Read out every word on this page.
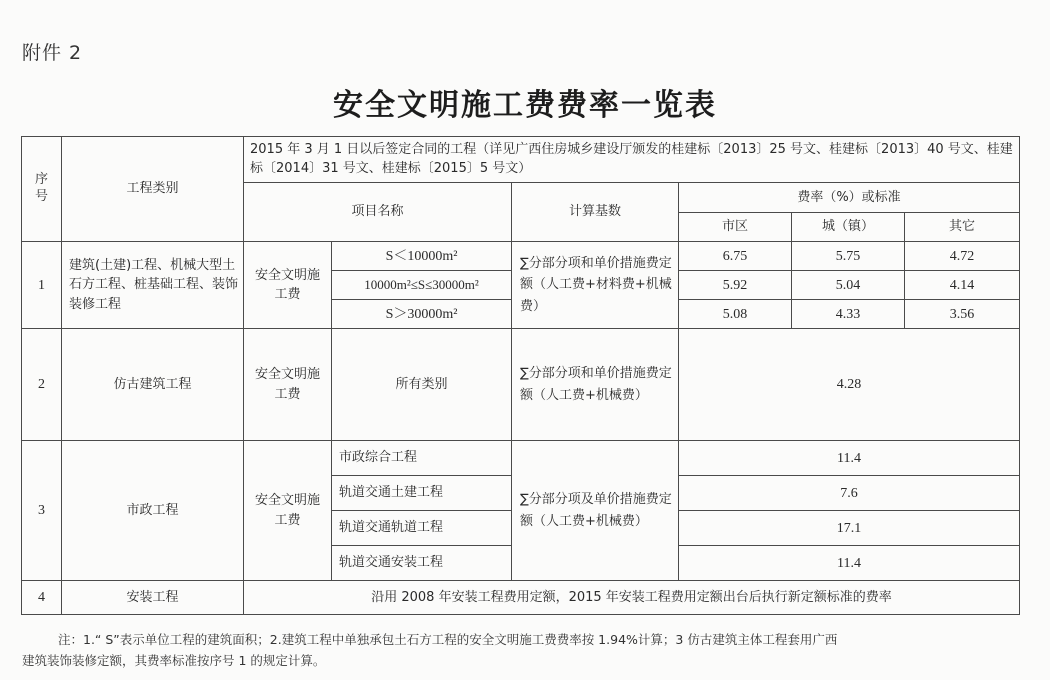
附件 2
安全文明施工费费率一览表
序号	工程类别	2015 年 3 月 1 日以后签定合同的工程（详见广西住房城乡建设厅颁发的桂建标〔2013〕25 号文、桂建标〔2013〕40 号文、桂建标〔2014〕31 号文、桂建标〔2015〕5 号文）					
		项目名称		计算基数	费率（%）或标准		
					市区	城（镇）	其它
1	建筑(土建)工程、机械大型土石方工程、桩基础工程、装饰装修工程	安全文明施工费	S＜10000m²	∑分部分项和单价措施费定额（人工费+材料费+机械费）	6.75	5.75	4.72
			10000m²≤S≤30000m²		5.92	5.04	4.14
			S＞30000m²		5.08	4.33	3.56
2	仿古建筑工程	安全文明施工费	所有类别	∑分部分项和单价措施费定额（人工费+机械费）	4.28		
3	市政工程	安全文明施工费	市政综合工程	∑分部分项及单价措施费定额（人工费+机械费）	11.4		
			轨道交通土建工程		7.6		
			轨道交通轨道工程		17.1		
			轨道交通安装工程		11.4		
4	安装工程	沿用 2008 年安装工程费用定额，2015 年安装工程费用定额出台后执行新定额标准的费率					
注：1.“ S”表示单位工程的建筑面积；2.建筑工程中单独承包土石方工程的安全文明施工费费率按 1.94%计算；3 仿古建筑主体工程套用广西
建筑装饰装修定额，其费率标准按序号 1 的规定计算。
